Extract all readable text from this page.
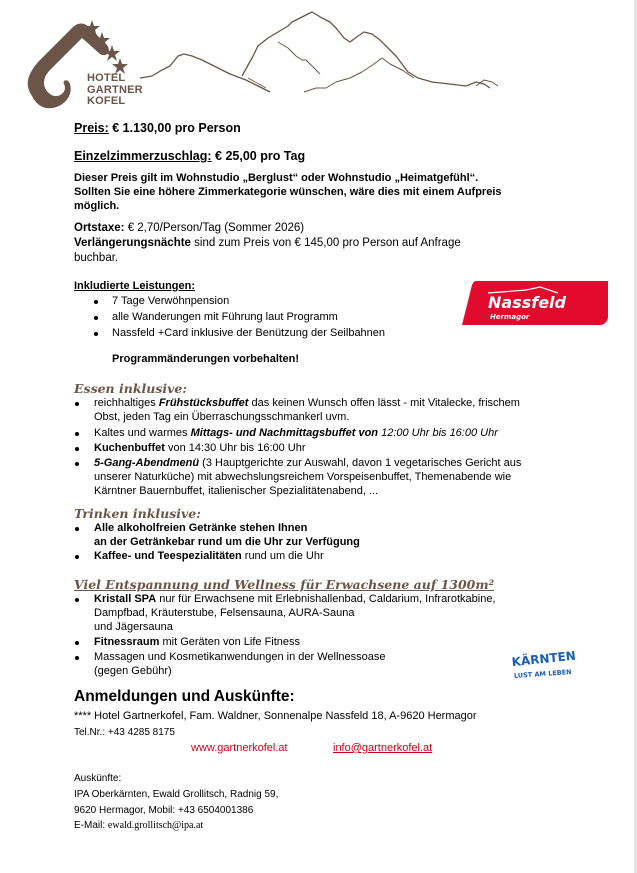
HOTEL
GARTNER
KOFEL
Preis: € 1.130,00 pro Person
Einzelzimmerzuschlag: € 25,00 pro Tag
Dieser Preis gilt im Wohnstudio „Berglust“ oder Wohnstudio „Heimatgefühl“.
Sollten Sie eine höhere Zimmerkategorie wünschen, wäre dies mit einem Aufpreis
möglich.
Ortstaxe: € 2,70/Person/Tag (Sommer 2026)
Verlängerungsnächte sind zum Preis von € 145,00 pro Person auf Anfrage
buchbar.
Inkludierte Leistungen:
7 Tage Verwöhnpension
alle Wanderungen mit Führung laut Programm
Nassfeld +Card inklusive der Benützung der Seilbahnen
Programmänderungen vorbehalten!
Essen inklusive:
reichhaltiges Frühstücksbuffet das keinen Wunsch offen lässt - mit Vitalecke, frischem
Obst, jeden Tag ein Überraschungsschmankerl uvm.
Kaltes und warmes Mittags- und Nachmittagsbuffet von 12:00 Uhr bis 16:00 Uhr
Kuchenbuffet von 14:30 Uhr bis 16:00 Uhr
5-Gang-Abendmenü (3 Hauptgerichte zur Auswahl, davon 1 vegetarisches Gericht aus
unserer Naturküche) mit abwechslungsreichem Vorspeisenbuffet, Themenabende wie
Kärntner Bauernbuffet, italienischer Spezialitätenabend, ...
Trinken inklusive:
Alle alkoholfreien Getränke stehen Ihnen
an der Getränkebar rund um die Uhr zur Verfügung
Kaffee- und Teespezialitäten rund um die Uhr
Viel Entspannung und Wellness für Erwachsene auf 1300m²
Kristall SPA nur für Erwachsene mit Erlebnishallenbad, Caldarium, Infrarotkabine,
Dampfbad, Kräuterstube, Felsensauna, AURA-Sauna
und Jägersauna
Fitnessraum mit Geräten von Life Fitness
Massagen und Kosmetikanwendungen in der Wellnessoase
(gegen Gebühr)
Anmeldungen und Auskünfte:
**** Hotel Gartnerkofel, Fam. Waldner, Sonnenalpe Nassfeld 18, A-9620 Hermagor
Tel.Nr.: +43 4285 8175
www.gartnerkofel.at	info@gartnerkofel.at
Auskünfte:
IPA Oberkärnten, Ewald Grollitsch, Radnig 59,
9620 Hermagor, Mobil: +43 6504001386
E-Mail: ewald.grollitsch@ipa.at
Nassfeld
Hermagor
KÄRNTEN
LUST AM LEBEN
